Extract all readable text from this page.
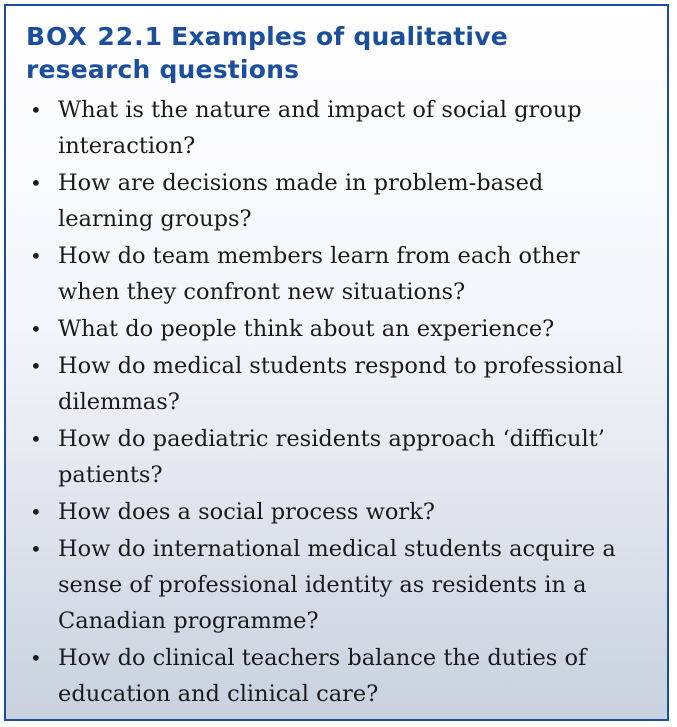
BOX 22.1 Examples of qualitative
research questions
• What is the nature and impact of social group interaction?
• How are decisions made in problem-based learning groups?
• How do team members learn from each other when they confront new situations?
• What do people think about an experience?
• How do medical students respond to professional dilemmas?
• How do paediatric residents approach ‘difficult’ patients?
• How does a social process work?
• How do international medical students acquire a sense of professional identity as residents in a Canadian programme?
• How do clinical teachers balance the duties of education and clinical care?
